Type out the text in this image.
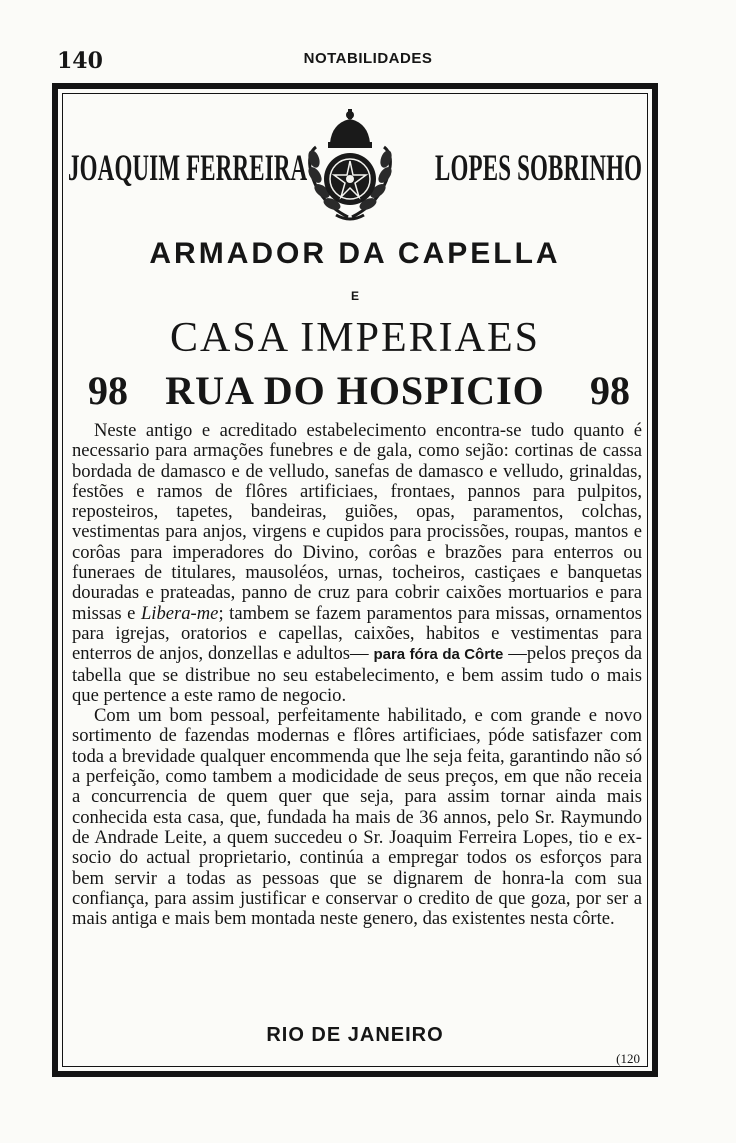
140	NOTABILIDADES
JOAQUIM FERREIRA	LOPES SOBRINHO
ARMADOR DA CAPELLA
E
CASA IMPERIAES
98 RUA DO HOSPICIO	98

Neste antigo e acreditado estabelecimento encontra-se tudo quanto é necessario para armações funebres e de gala, como sejão: cortinas de cassa bordada de damasco e de velludo, sanefas de damasco e velludo, grinaldas, festões e ramos de flôres artificiaes, frontaes, pannos para pulpitos, reposteiros, tapetes, bandeiras, guiões, opas, paramentos, colchas, vestimentas para anjos, virgens e cupidos para procissões, roupas, mantos e corôas para imperadores do Divino, corôas e brazões para enterros ou funeraes de titulares, mausoléos, urnas, tocheiros, castiçaes e banquetas douradas e prateadas, panno de cruz para cobrir caixões mortuarios e para missas e Libera-me; tambem se fazem paramentos para missas, ornamentos para igrejas, oratorios e capellas, caixões, habitos e vestimentas para enterros de anjos, donzellas e adultos— para fóra da Côrte —pelos preços da tabella que se distribue no seu estabelecimento, e bem assim tudo o mais que pertence a este ramo de negocio.

Com um bom pessoal, perfeitamente habilitado, e com grande e novo sortimento de fazendas modernas e flôres artificiaes, póde satisfazer com toda a brevidade qualquer encommenda que lhe seja feita, garantindo não só a perfeição, como tambem a modicidade de seus preços, em que não receia a concurrencia de quem quer que seja, para assim tornar ainda mais conhecida esta casa, que, fundada ha mais de 36 annos, pelo Sr. Raymundo de Andrade Leite, a quem succedeu o Sr. Joaquim Ferreira Lopes, tio e ex-socio do actual proprietario, continúa a empregar todos os esforços para bem servir a todas as pessoas que se dignarem de honra-la com sua confiança, para assim justificar e conservar o credito de que goza, por ser a mais antiga e mais bem montada neste genero, das existentes nesta côrte.

RIO DE JANEIRO
(120
